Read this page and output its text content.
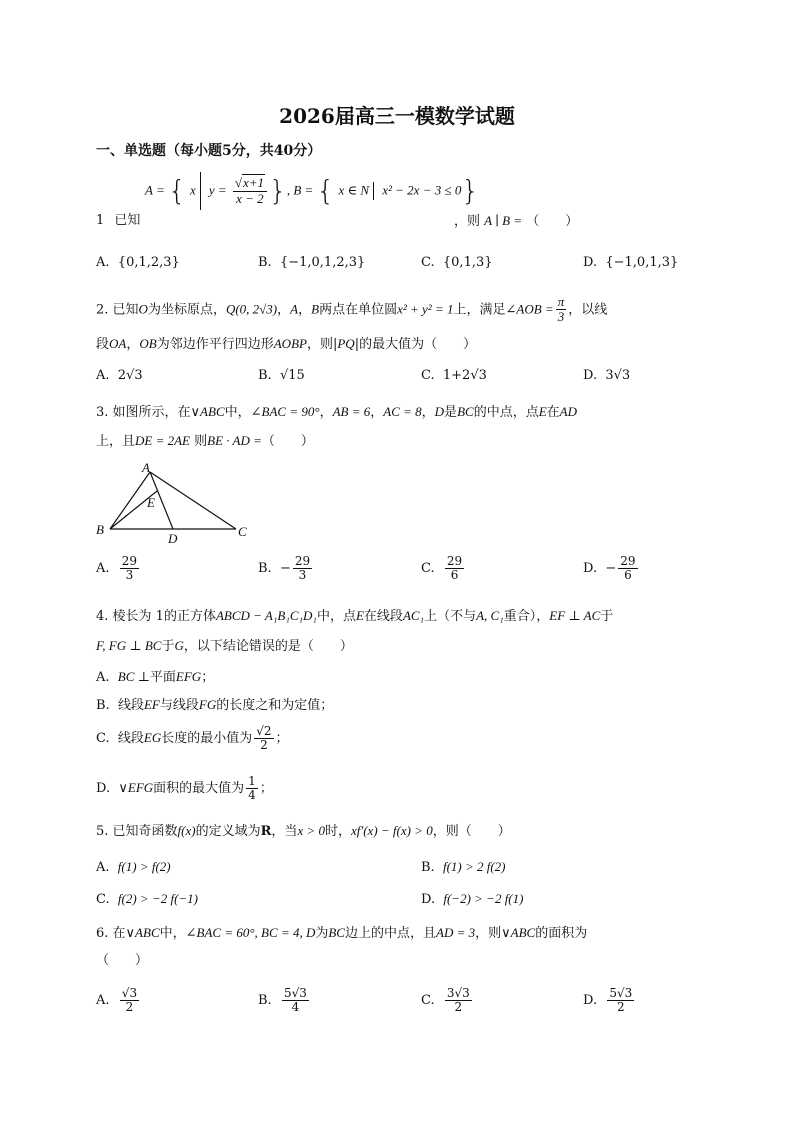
2026届高三一模数学试题
一、单选题（每小题5分，共40分）
1 已知
A = { x $y = \frac{√x+1}{x - 2}$ }, B = { x ∈ N x² − 2x − 3 ≤ 0}
，则 A ∣ B = （　　）
A. {0,1,2,3}	B. {−1,0,1,2,3}	C. {0,1,3}	D. {−1,0,1,3}
2. 已知O为坐标原点，Q(0, 2√3)，A，B两点在单位圆x² + y² = 1上，满足∠AOB = $\frac{\pi}{3}$ ，以线
段OA，OB为邻边作平行四边形AOBP，则|PQ|的最大值为（　　）
A. 2√3	B. √15	C. 1+2√3	D. 3√3
3. 如图所示，在∨ABC中，∠BAC = 90°，AB = 6，AC = 8，D是BC的中点，点E在AD
上，且DE = 2AE 则BE · AD =（　　）
A
B	C
D
E
A. $\frac{29}{3}$	B. − $\frac{29}{3}$	C. $\frac{29}{6}$	D. − $\frac{29}{6}$
4. 棱长为 1的正方体ABCD − A₁B₁C₁D₁中，点E在线段AC₁上（不与A, C₁重合），EF ⊥ AC于
F, FG ⊥ BC于G，以下结论错误的是（　　）
A. BC ⊥平面EFG；
B. 线段EF与线段FG的长度之和为定值；
C. 线段EG长度的最小值为 $\frac{√2}{2}$ ；
D. ∨EFG面积的最大值为 $\frac{1}{4}$ ；
5. 已知奇函数f(x)的定义域为R，当x > 0时，xf′(x) − f(x) > 0，则（　　）
A. f(1) > f(2)	B. f(1) > 2 f(2)
C. f(2) > −2 f(−1)	D. f(−2) > −2 f(1)
6. 在∨ABC中，∠BAC = 60°, BC = 4, D为BC边上的中点，且AD = 3，则∨ABC的面积为
（　　）
A. $\frac{√3}{2}$	B. $\frac{5√3}{4}$	C. $\frac{3√3}{2}$	D. $\frac{5√3}{2}$
